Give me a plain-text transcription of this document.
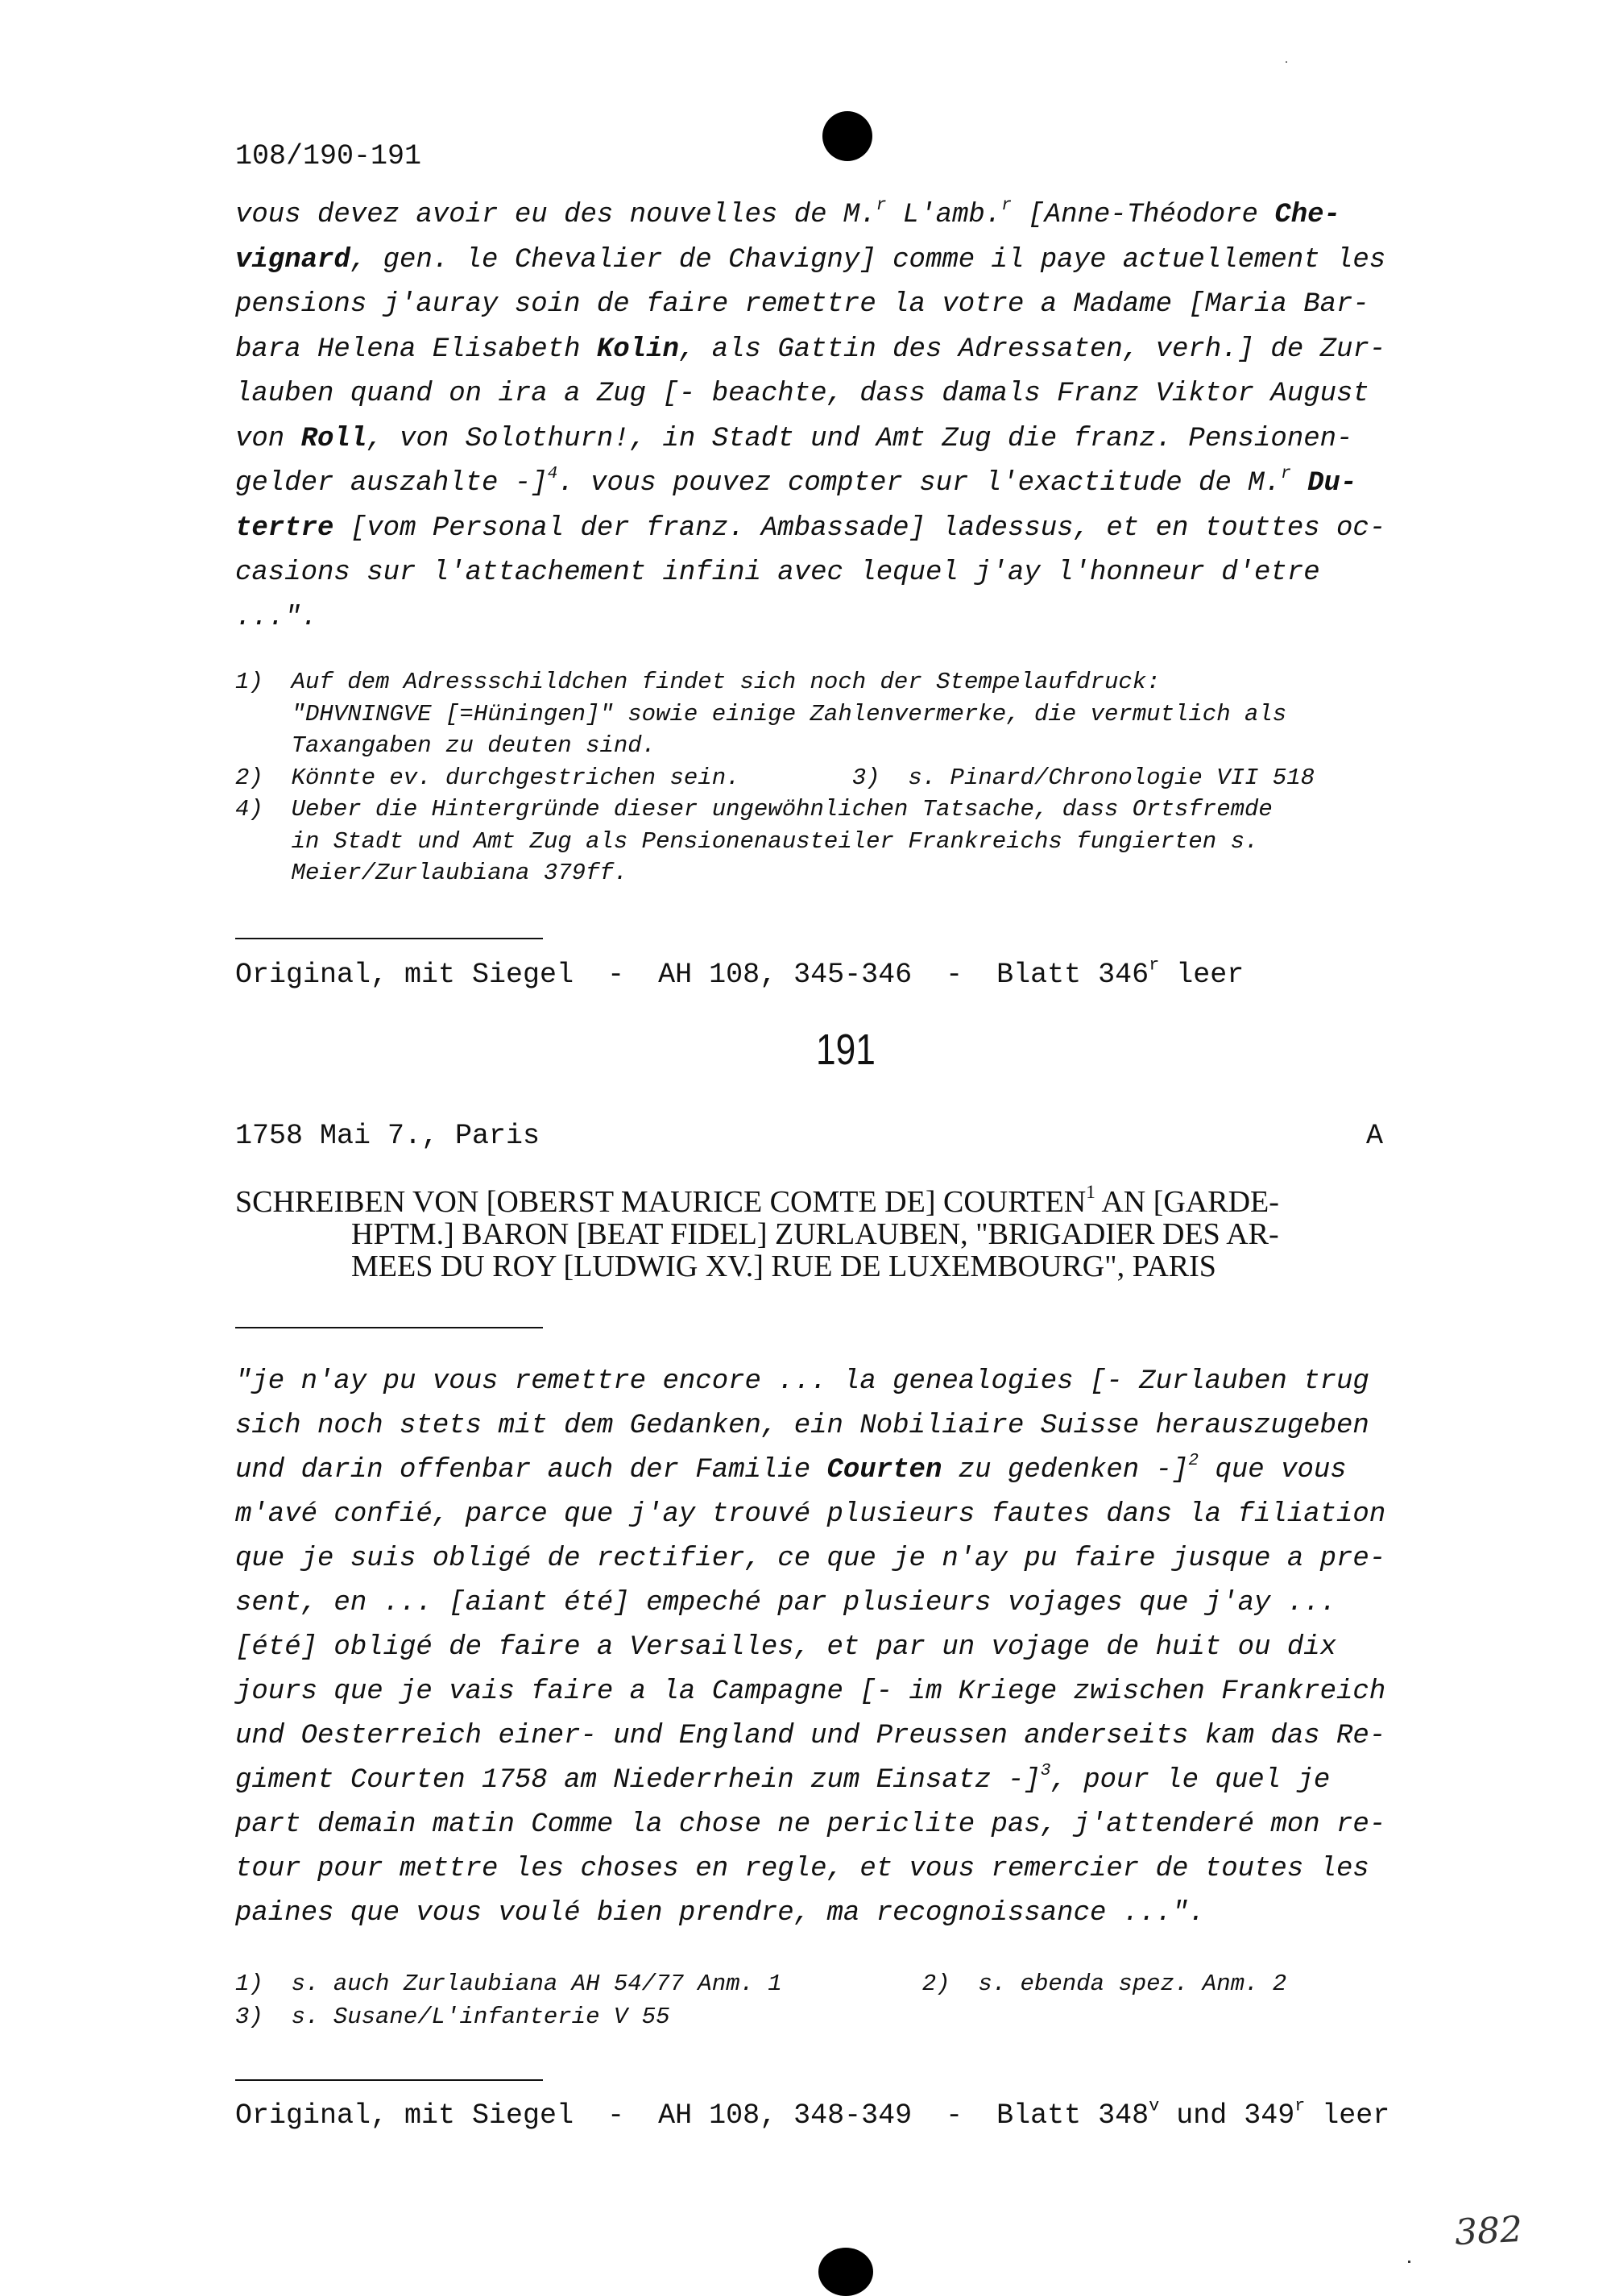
108/190-191
vous devez avoir eu des nouvelles de M.$^r$ L'amb.$^r$ [Anne-Théodore Che-
vignard, gen. le Chevalier de Chavigny] comme il paye actuellement les
pensions j'auray soin de faire remettre la votre a Madame [Maria Bar-
bara Helena Elisabeth Kolin, als Gattin des Adressaten, verh.] de Zur-
lauben quand on ira a Zug [- beachte, dass damals Franz Viktor August
von Roll, von Solothurn!, in Stadt und Amt Zug die franz. Pensionen-
gelder auszahlte -]$^4$. vous pouvez compter sur l'exactitude de M.$^r$ Du-
tertre [vom Personal der franz. Ambassade] ladessus, et en touttes oc-
casions sur l'attachement infini avec lequel j'ay l'honneur d'etre
...".
1)  Auf dem Adressschildchen findet sich noch der Stempelaufdruck:
"DHVNINGVE [=Hüningen]" sowie einige Zahlenvermerke, die vermutlich als
Taxangaben zu deuten sind.
2)  Könnte ev. durchgestrichen sein.        3)  s. Pinard/Chronologie VII 518
4)  Ueber die Hintergründe dieser ungewöhnlichen Tatsache, dass Ortsfremde
in Stadt und Amt Zug als Pensionenausteiler Frankreichs fungierten s.
Meier/Zurlaubiana 379ff.
Original, mit Siegel  -  AH 108, 345-346  -  Blatt 346$^r$ leer
191
1758 Mai 7., Paris	A
SCHREIBEN VON [OBERST MAURICE COMTE DE] COURTEN$^1$ AN [GARDE-
HPTM.] BARON [BEAT FIDEL] ZURLAUBEN, "BRIGADIER DES AR-
MEES DU ROY [LUDWIG XV.] RUE DE LUXEMBOURG", PARIS
"je n'ay pu vous remettre encore ... la genealogies [- Zurlauben trug
sich noch stets mit dem Gedanken, ein Nobiliaire Suisse herauszugeben
und darin offenbar auch der Familie Courten zu gedenken -]$^2$ que vous
m'avé confié, parce que j'ay trouvé plusieurs fautes dans la filiation
que je suis obligé de rectifier, ce que je n'ay pu faire jusque a pre-
sent, en ... [aiant été] empeché par plusieurs vojages que j'ay ...
[été] obligé de faire a Versailles, et par un vojage de huit ou dix
jours que je vais faire a la Campagne [- im Kriege zwischen Frankreich
und Oesterreich einer- und England und Preussen anderseits kam das Re-
giment Courten 1758 am Niederrhein zum Einsatz -]$^3$, pour le quel je
part demain matin Comme la chose ne periclite pas, j'attenderé mon re-
tour pour mettre les choses en regle, et vous remercier de toutes les
paines que vous voulé bien prendre, ma recognoissance ...".
1)  s. auch Zurlaubiana AH 54/77 Anm. 1          2)  s. ebenda spez. Anm. 2
3)  s. Susane/L'infanterie V 55
Original, mit Siegel  -  AH 108, 348-349  -  Blatt 348$^v$ und 349$^r$ leer
382
